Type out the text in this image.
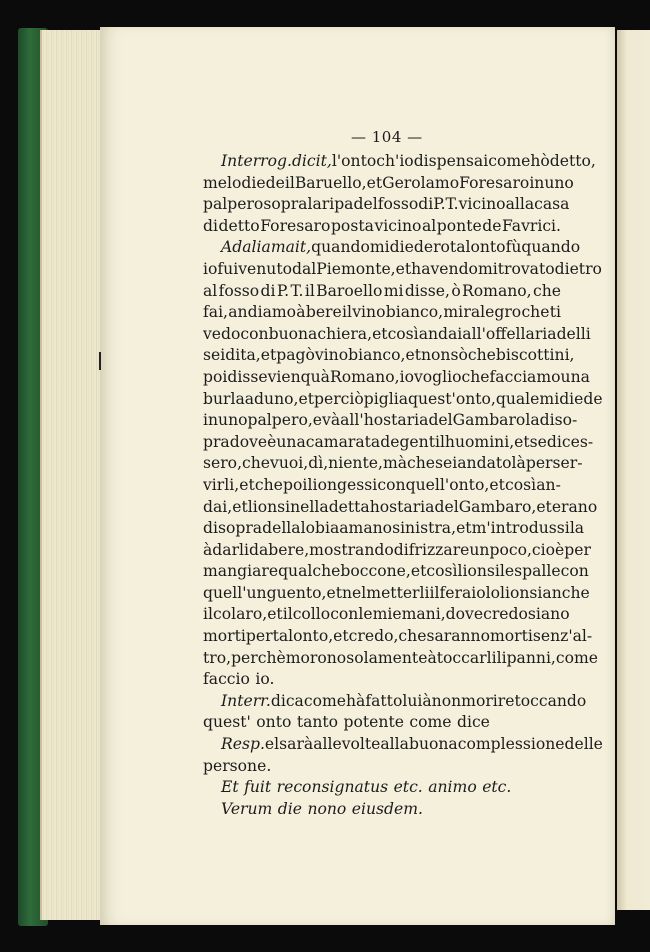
— 104 —
Interrog. dicit, l' onto ch' io dispensai come hò detto,
me lo diede il Baruello, et Gerolamo Foresaro in uno
palpero sopra la ripa del fosso di P. T. vicino alla casa
di detto Foresaro posta vicino al ponte de Favrici.
Ad aliam ait, quando mi diedero tal onto fù quando
io fui venuto dal Piemonte, et havendomi trovato dietro
al fosso di P. T. il Barоello mi disse, ò Romano, che
fai, andiamo à bere il vino bianco, mi ralegro che ti
vedo con buona chiera, et così andai all' offellaria delli
sei dita, et pagò vino bianco, et non sò che biscottini,
poi disse vien quà Romano, io voglio che facciamo una
burla ad uno, et perciò piglia quest' onto, quale mi diede
in uno palpero, e và all' hostaria del Gambaro la di so-
pra dove è una camarata de gentilhuomini, et se dices-
sero, che vuoi, dì, niente, mà che sei andato là per ser-
virli, et che poi li ongessi con quell' onto, et così an-
dai, et li onsi nella detta hostaria del Gambaro, et erano
di sopra della lobia a mano sinistra, et m' introdussi la
à darli da bere, mostrando di frizzare un poco, cioè per
mangiare qualche boccone, et così li onsi le spalle con
quell' unguento, et nel metterli il feraiolo li onsi anche
il colaro, et il collo con le mie mani, dove credo siano
morti per tal onto, et credo, che saranno morti senz' al-
tro, perchè morono solamente à toccarli li panni, come
faccio io.
Interr. dica come hà fatto lui à non morire toccando
quest' onto tanto potente come dice
Resp. el sarà alle volte alla buona complessione delle
persone.
Et fuit reconsignatus etc. animo etc.
Verum die nono eiusdem.
